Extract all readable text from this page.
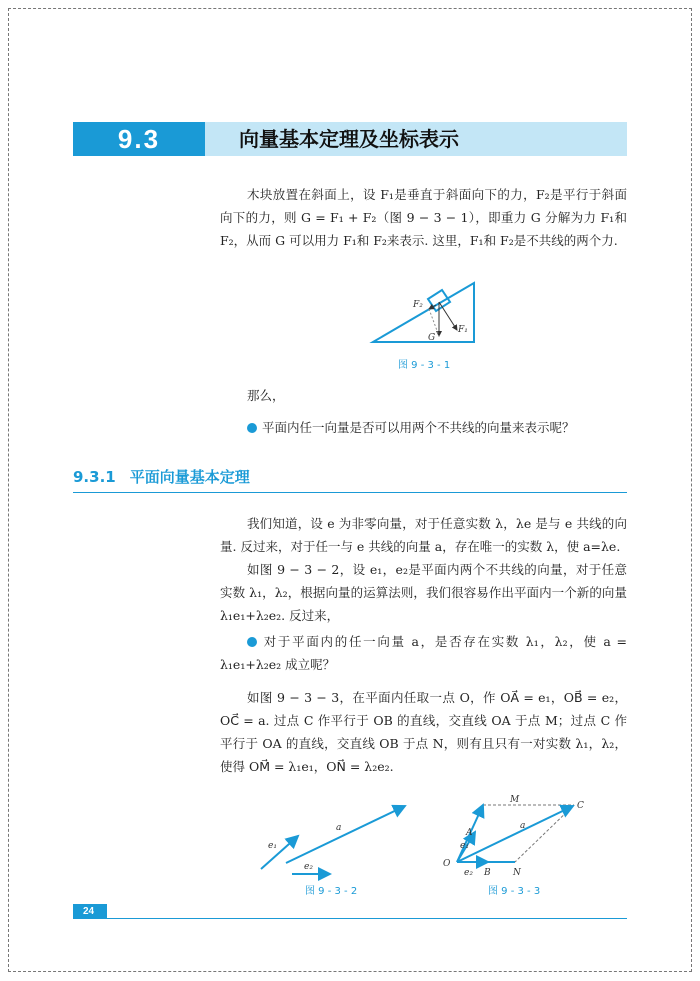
9.3	向量基本定理及坐标表示
木块放置在斜面上，设 F₁是垂直于斜面向下的力，F₂是平行于斜面向下的力，则 G = F₁ + F₂（图 9 − 3 − 1），即重力 G 分解为力 F₁和 F₂，从而 G 可以用力 F₁和 F₂来表示. 这里，F₁和 F₂是不共线的两个力.
F₂
F₁
G
图 9 - 3 - 1
那么，
平面内任一向量是否可以用两个不共线的向量来表示呢？
9.3.1 平面向量基本定理
我们知道，设 e 为非零向量，对于任意实数 λ，λe 是与 e 共线的向量. 反过来，对于任一与 e 共线的向量 a，存在唯一的实数 λ，使 a=λe.
如图 9 − 3 − 2，设 e₁，e₂是平面内两个不共线的向量，对于任意实数 λ₁，λ₂，根据向量的运算法则，我们很容易作出平面内一个新的向量 λ₁e₁+λ₂e₂. 反过来，
对于平面内的任一向量 a，是否存在实数 λ₁，λ₂，使 a = λ₁e₁+λ₂e₂ 成立呢？
如图 9 − 3 − 3，在平面内任取一点 O，作 OA⃗ = e₁，OB⃗ = e₂，OC⃗ = a. 过点 C 作平行于 OB 的直线，交直线 OA 于点 M；过点 C 作平行于 OA 的直线，交直线 OB 于点 N，则有且只有一对实数 λ₁，λ₂，使得 OM⃗ = λ₁e₁，ON⃗ = λ₂e₂.
e₁
a
e₂
图 9 - 3 - 2
O
A
B
M
N
C
e₁
e₂
a
图 9 - 3 - 3
24
